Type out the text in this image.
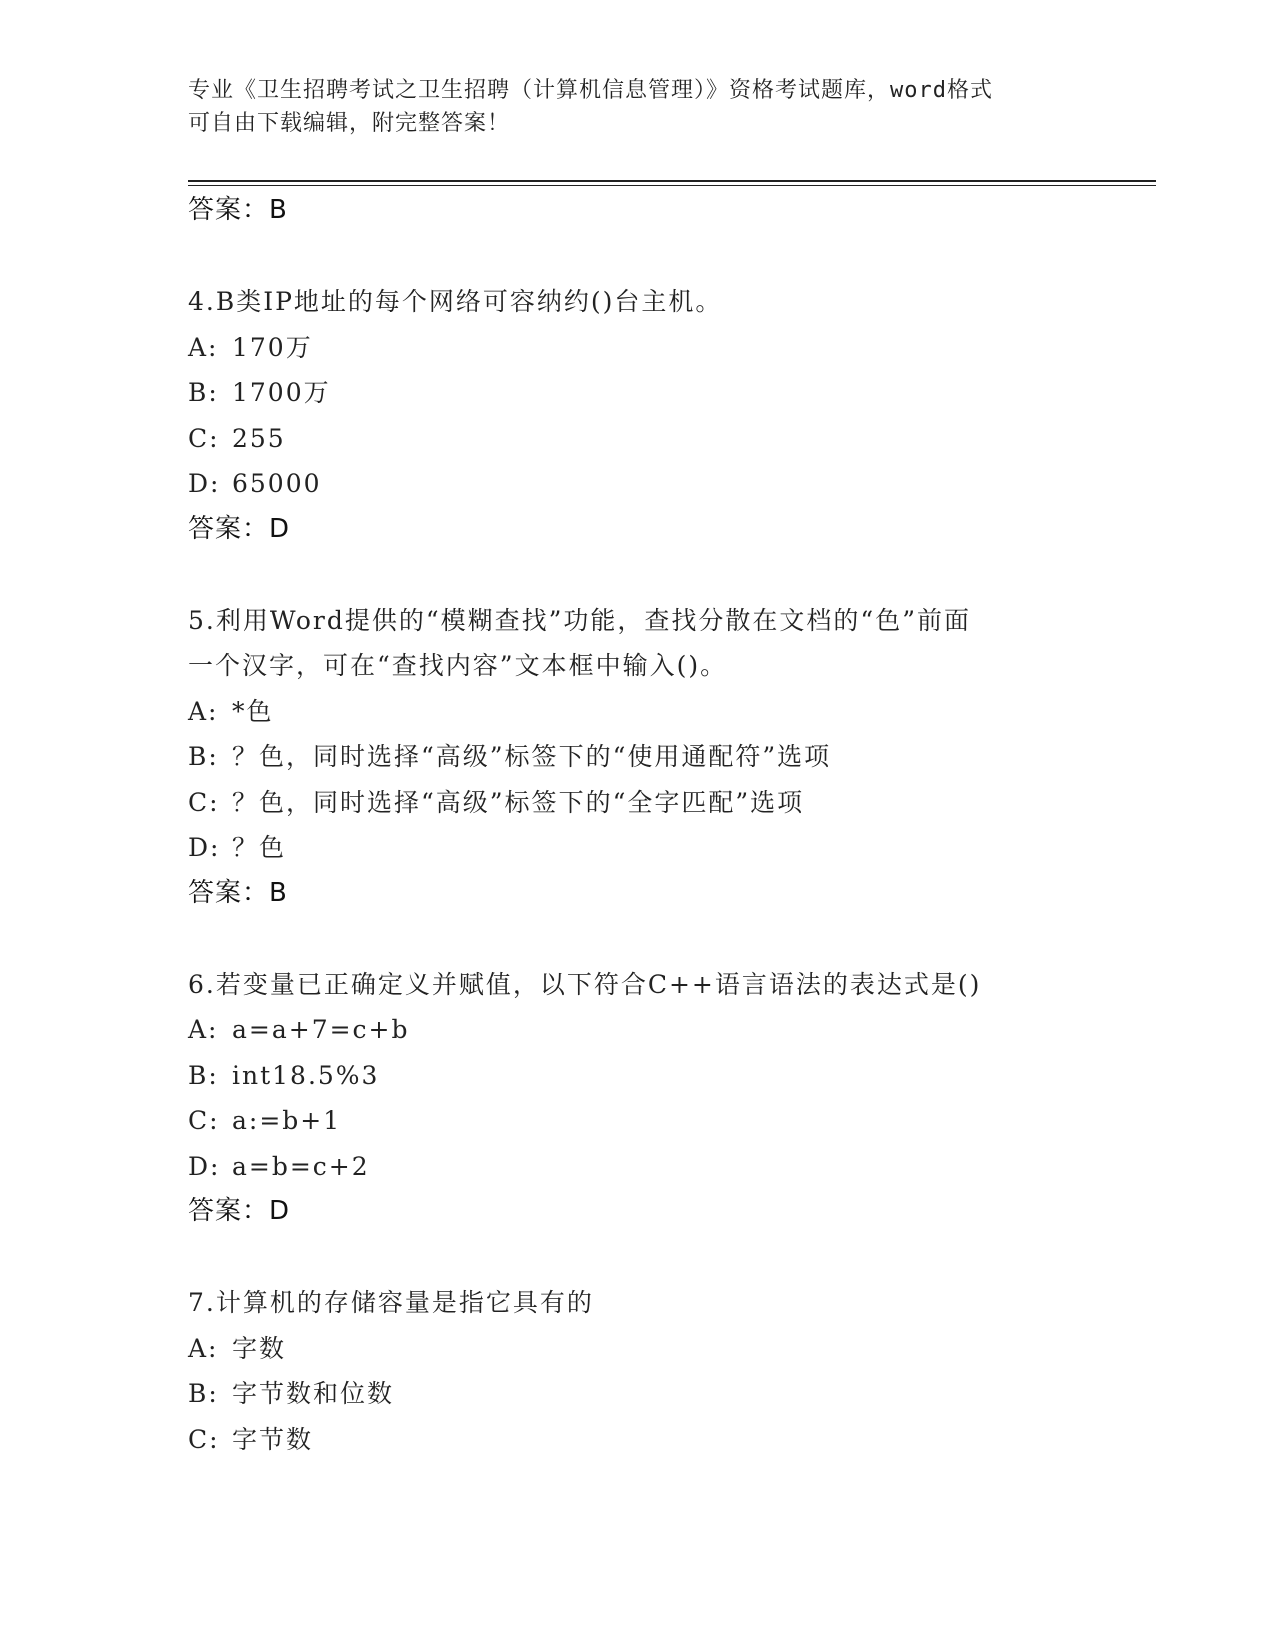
专业《卫生招聘考试之卫生招聘（计算机信息管理）》资格考试题库，word格式
可自由下载编辑，附完整答案！
答案：B
4.B类IP地址的每个网络可容纳约()台主机。
A: 170万
B: 1700万
C: 255
D: 65000
答案：D
5.利用Word提供的“模糊查找”功能，查找分散在文档的“色”前面
一个汉字，可在“查找内容”文本框中输入()。
A: *色
B: ？色，同时选择“高级”标签下的“使用通配符”选项
C: ？色，同时选择“高级”标签下的“全字匹配”选项
D: ？色
答案：B
6.若变量已正确定义并赋值，以下符合C++语言语法的表达式是()
A: a=a+7=c+b
B: int18.5%3
C: a:=b+1
D: a=b=c+2
答案：D
7.计算机的存储容量是指它具有的
A: 字数
B: 字节数和位数
C: 字节数
